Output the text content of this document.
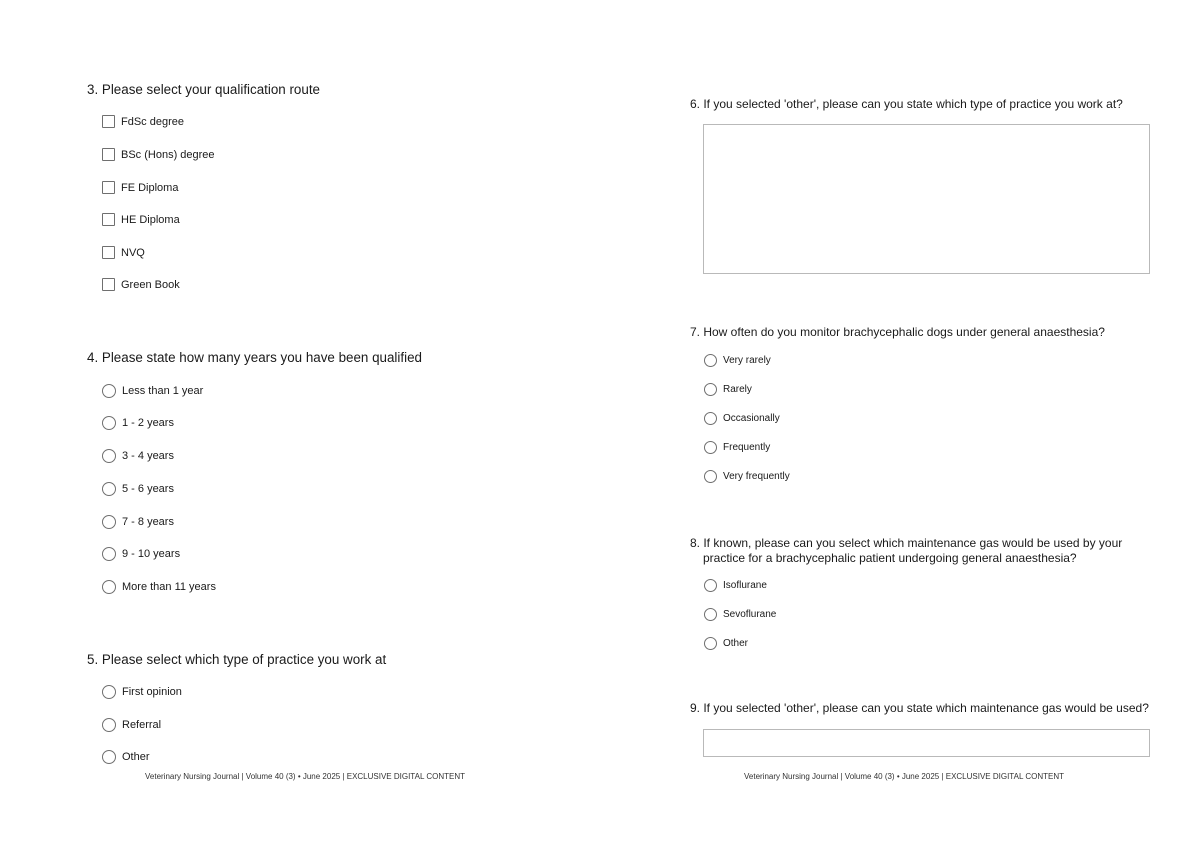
3. Please select your qualification route
FdSc degree
BSc (Hons) degree
FE Diploma
HE Diploma
NVQ
Green Book
4. Please state how many years you have been qualified
Less than 1 year
1 - 2 years
3 - 4 years
5 - 6 years
7 - 8 years
9 - 10 years
More than 11 years
5. Please select which type of practice you work at
First opinion
Referral
Other
Veterinary Nursing Journal | Volume 40 (3) • June 2025 | EXCLUSIVE DIGITAL CONTENT
6. If you selected 'other', please can you state which type of practice you work at?
7. How often do you monitor brachycephalic dogs under general anaesthesia?
Very rarely
Rarely
Occasionally
Frequently
Very frequently
8. If known, please can you select which maintenance gas would be used by your
practice for a brachycephalic patient undergoing general anaesthesia?
Isoflurane
Sevoflurane
Other
9. If you selected 'other', please can you state which maintenance gas would be used?
Veterinary Nursing Journal | Volume 40 (3) • June 2025 | EXCLUSIVE DIGITAL CONTENT
